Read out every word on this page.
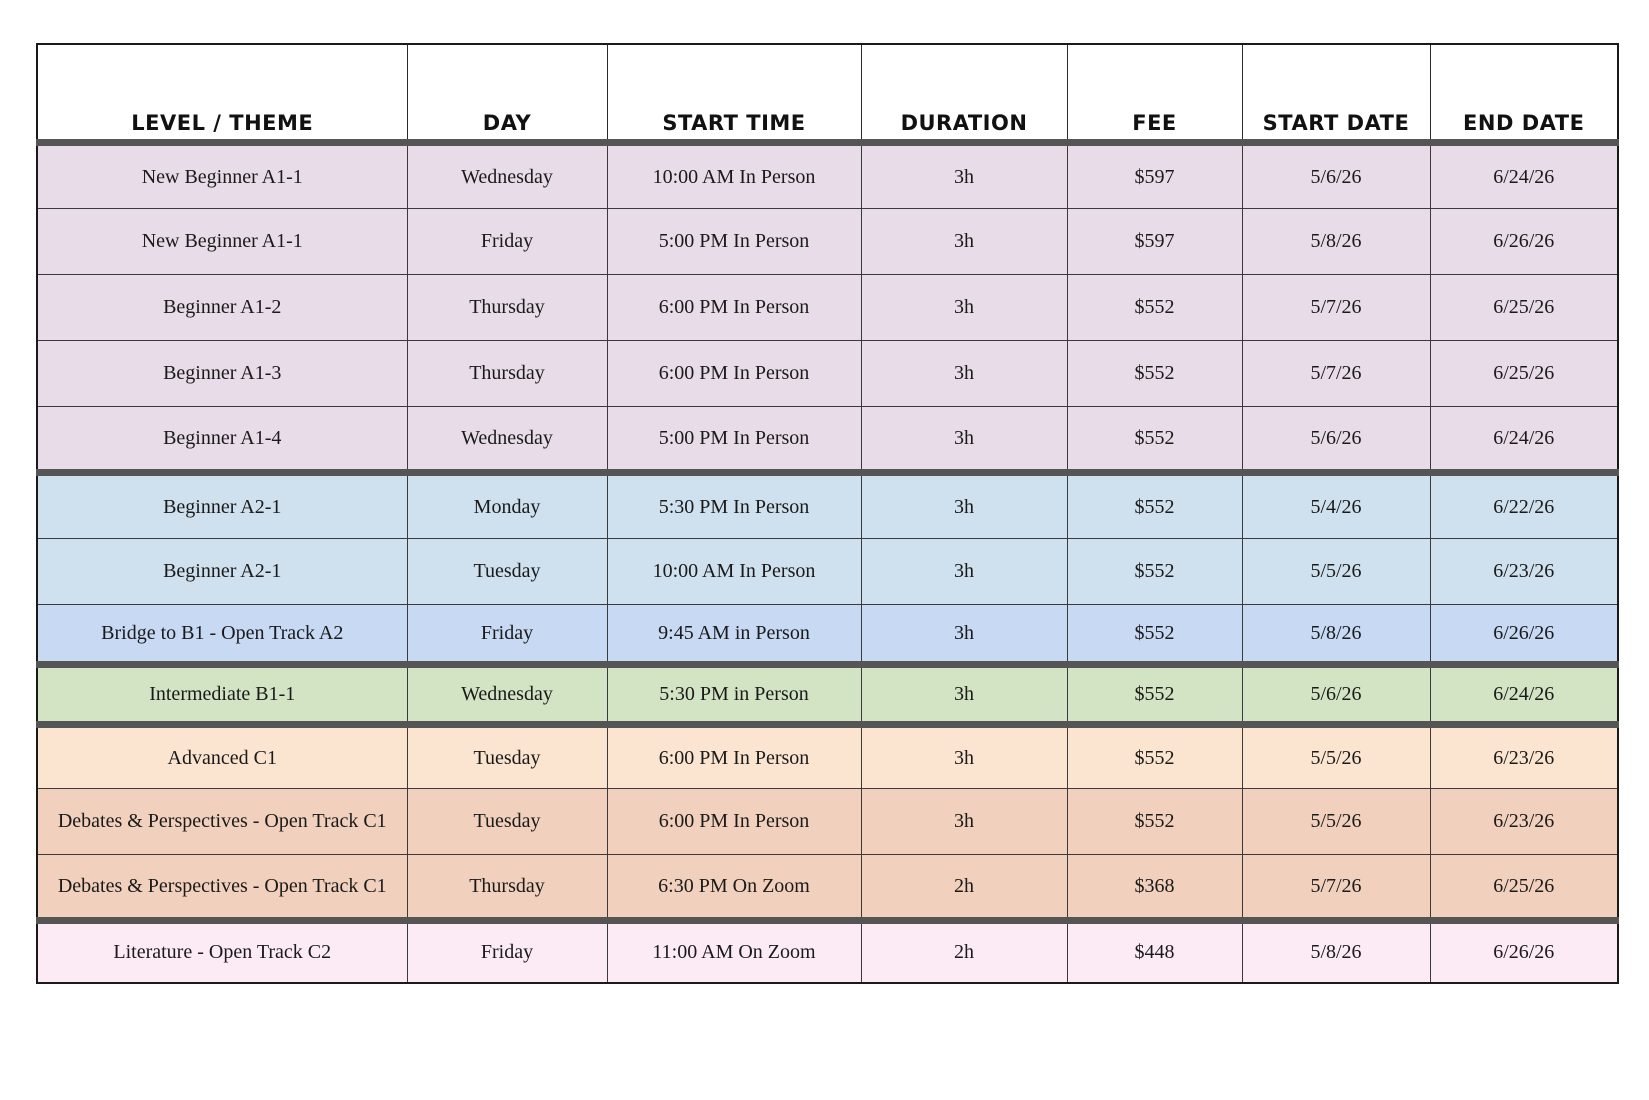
LEVEL / THEME	DAY	START TIME	DURATION	FEE	START DATE	END DATE
New Beginner A1-1	Wednesday	10:00 AM In Person	3h	$597	5/6/26	6/24/26
New Beginner A1-1	Friday	5:00 PM In Person	3h	$597	5/8/26	6/26/26
Beginner A1-2	Thursday	6:00 PM In Person	3h	$552	5/7/26	6/25/26
Beginner A1-3	Thursday	6:00 PM In Person	3h	$552	5/7/26	6/25/26
Beginner A1-4	Wednesday	5:00 PM In Person	3h	$552	5/6/26	6/24/26
Beginner A2-1	Monday	5:30 PM In Person	3h	$552	5/4/26	6/22/26
Beginner A2-1	Tuesday	10:00 AM In Person	3h	$552	5/5/26	6/23/26
Bridge to B1 - Open Track A2	Friday	9:45 AM in Person	3h	$552	5/8/26	6/26/26
Intermediate B1-1	Wednesday	5:30 PM in Person	3h	$552	5/6/26	6/24/26
Advanced C1	Tuesday	6:00 PM In Person	3h	$552	5/5/26	6/23/26
Debates & Perspectives - Open Track C1	Tuesday	6:00 PM In Person	3h	$552	5/5/26	6/23/26
Debates & Perspectives - Open Track C1	Thursday	6:30 PM On Zoom	2h	$368	5/7/26	6/25/26
Literature - Open Track C2	Friday	11:00 AM On Zoom	2h	$448	5/8/26	6/26/26
